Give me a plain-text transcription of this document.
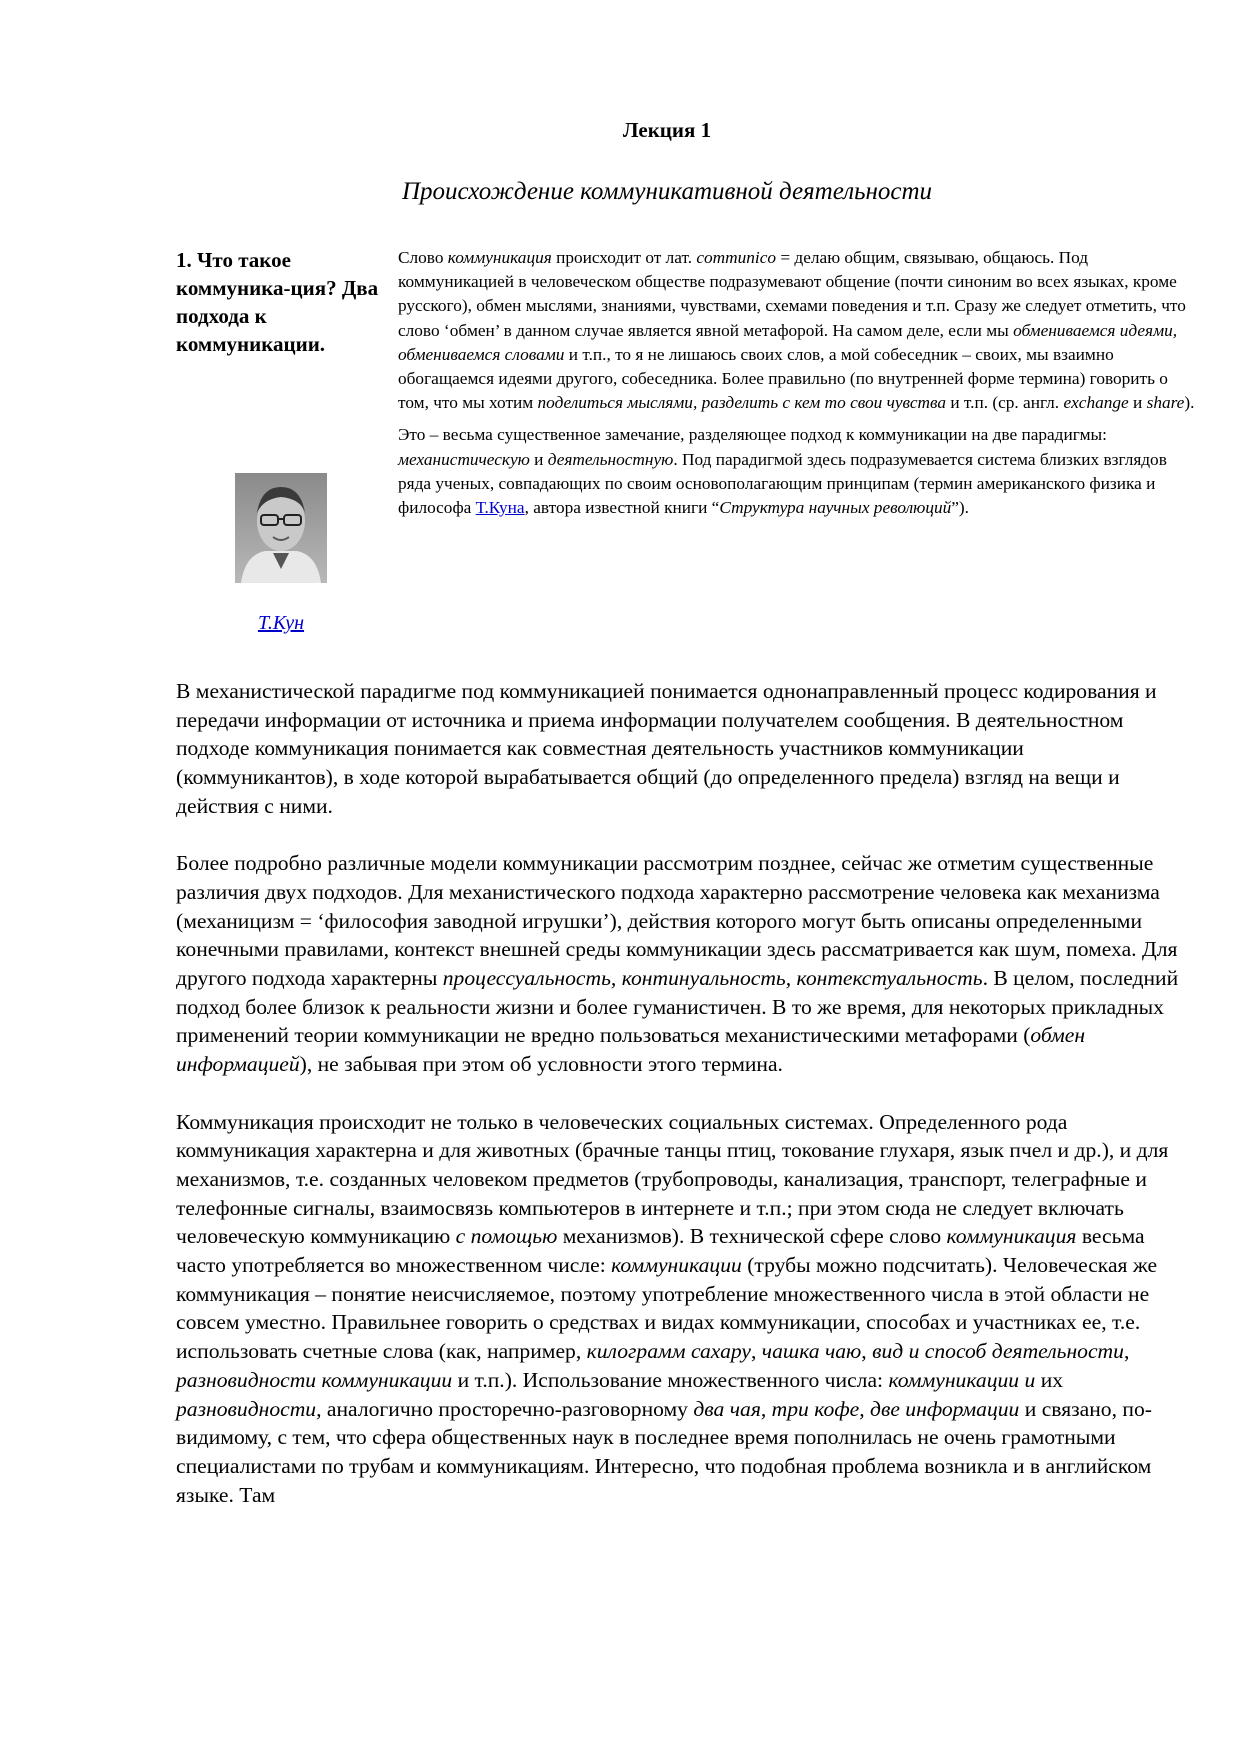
Лекция 1
Происхождение коммуникативной деятельности
1. Что такое коммуника-ция? Два подхода к коммуникации.
Т.Кун

Слово коммуникация происходит от лат. communico = делаю общим, связываю, общаюсь. Под коммуникацией в человеческом обществе подразумевают общение (почти синоним во всех языках, кроме русского), обмен мыслями, знаниями, чувствами, схемами поведения и т.п. Сразу же следует отметить, что слово ‘обмен’ в данном случае является явной метафорой. На самом деле, если мы обмениваемся идеями, обмениваемся словами и т.п., то я не лишаюсь своих слов, а мой собеседник – своих, мы взаимно обогащаемся идеями другого, собеседника. Более правильно (по внутренней форме термина) говорить о том, что мы хотим поделиться мыслями, разделить с кем то свои чувства и т.п. (ср. англ. exchange и share).

Это – весьма существенное замечание, разделяющее подход к коммуникации на две парадигмы: механистическую и деятельностную. Под парадигмой здесь подразумевается система близких взглядов ряда ученых, совпадающих по своим основополагающим принципам (термин американского физика и философа Т.Куна, автора известной книги “Структура научных революций”).

В механистической парадигме под коммуникацией понимается однонаправленный процесс кодирования и передачи информации от источника и приема информации получателем сообщения. В деятельностном подходе коммуникация понимается как совместная деятельность участников коммуникации (коммуникантов), в ходе которой вырабатывается общий (до определенного предела) взгляд на вещи и действия с ними.

Более подробно различные модели коммуникации рассмотрим позднее, сейчас же отметим существенные различия двух подходов. Для механистического подхода характерно рассмотрение человека как механизма (механицизм = ‘философия заводной игрушки’), действия которого могут быть описаны определенными конечными правилами, контекст внешней среды коммуникации здесь рассматривается как шум, помеха. Для другого подхода характерны процессуальность, континуальность, контекстуальность. В целом, последний подход более близок к реальности жизни и более гуманистичен. В то же время, для некоторых прикладных применений теории коммуникации не вредно пользоваться механистическими метафорами (обмен информацией), не забывая при этом об условности этого термина.

Коммуникация происходит не только в человеческих социальных системах. Определенного рода коммуникация характерна и для животных (брачные танцы птиц, токование глухаря, язык пчел и др.), и для механизмов, т.е. созданных человеком предметов (трубопроводы, канализация, транспорт, телеграфные и телефонные сигналы, взаимосвязь компьютеров в интернете и т.п.; при этом сюда не следует включать человеческую коммуникацию с помощью механизмов). В технической сфере слово коммуникация весьма часто употребляется во множественном числе: коммуникации (трубы можно подсчитать). Человеческая же коммуникация – понятие неисчисляемое, поэтому употребление множественного числа в этой области не совсем уместно. Правильнее говорить о средствах и видах коммуникации, способах и участниках ее, т.е. использовать счетные слова (как, например, килограмм сахару, чашка чаю, вид и способ деятельности, разновидности коммуникации и т.п.). Использование множественного числа: коммуникации и их разновидности, аналогично просторечно-разговорному два чая, три кофе, две информации и связано, по-видимому, с тем, что сфера общественных наук в последнее время пополнилась не очень грамотными специалистами по трубам и коммуникациям. Интересно, что подобная проблема возникла и в английском языке. Там
